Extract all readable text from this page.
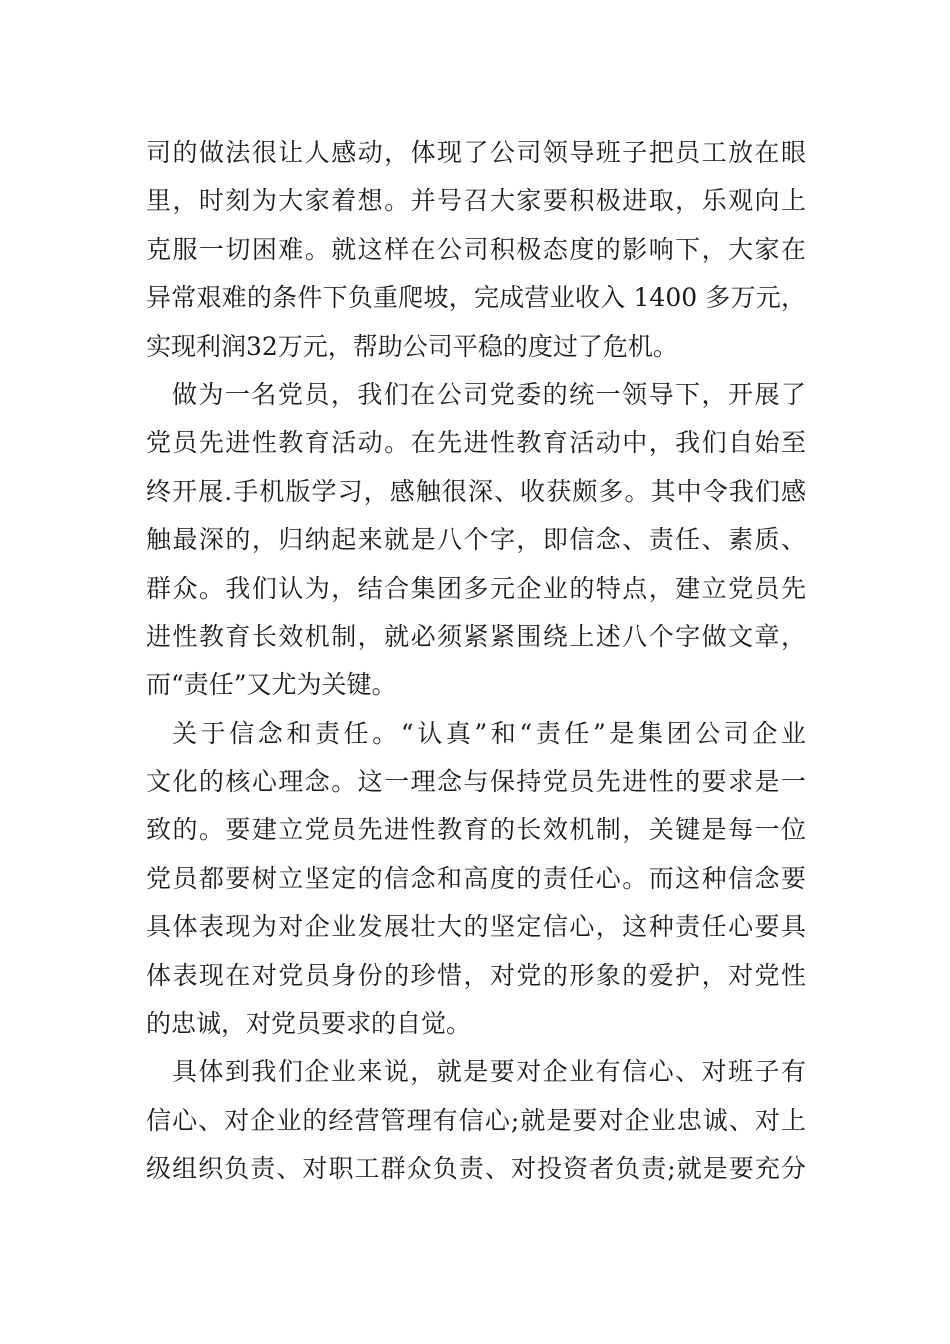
司的做法很让人感动，体现了公司领导班子把员工放在眼
里，时刻为大家着想。并号召大家要积极进取，乐观向上
克服一切困难。就这样在公司积极态度的影响下，大家在
异常艰难的条件下负重爬坡，完成营业收入 1400 多万元，
实现利润32万元，帮助公司平稳的度过了危机。
做为一名党员，我们在公司党委的统一领导下，开展了
党员先进性教育活动。在先进性教育活动中，我们自始至
终开展.手机版学习，感触很深、收获颇多。其中令我们感
触最深的，归纳起来就是八个字，即信念、责任、素质、
群众。我们认为，结合集团多元企业的特点，建立党员先
进性教育长效机制，就必须紧紧围绕上述八个字做文章，
而“责任”又尤为关键。
关于信念和责任。“认真”和“责任”是集团公司企业
文化的核心理念。这一理念与保持党员先进性的要求是一
致的。要建立党员先进性教育的长效机制，关键是每一位
党员都要树立坚定的信念和高度的责任心。而这种信念要
具体表现为对企业发展壮大的坚定信心，这种责任心要具
体表现在对党员身份的珍惜，对党的形象的爱护，对党性
的忠诚，对党员要求的自觉。
具体到我们企业来说，就是要对企业有信心、对班子有
信心、对企业的经营管理有信心;就是要对企业忠诚、对上
级组织负责、对职工群众负责、对投资者负责;就是要充分
